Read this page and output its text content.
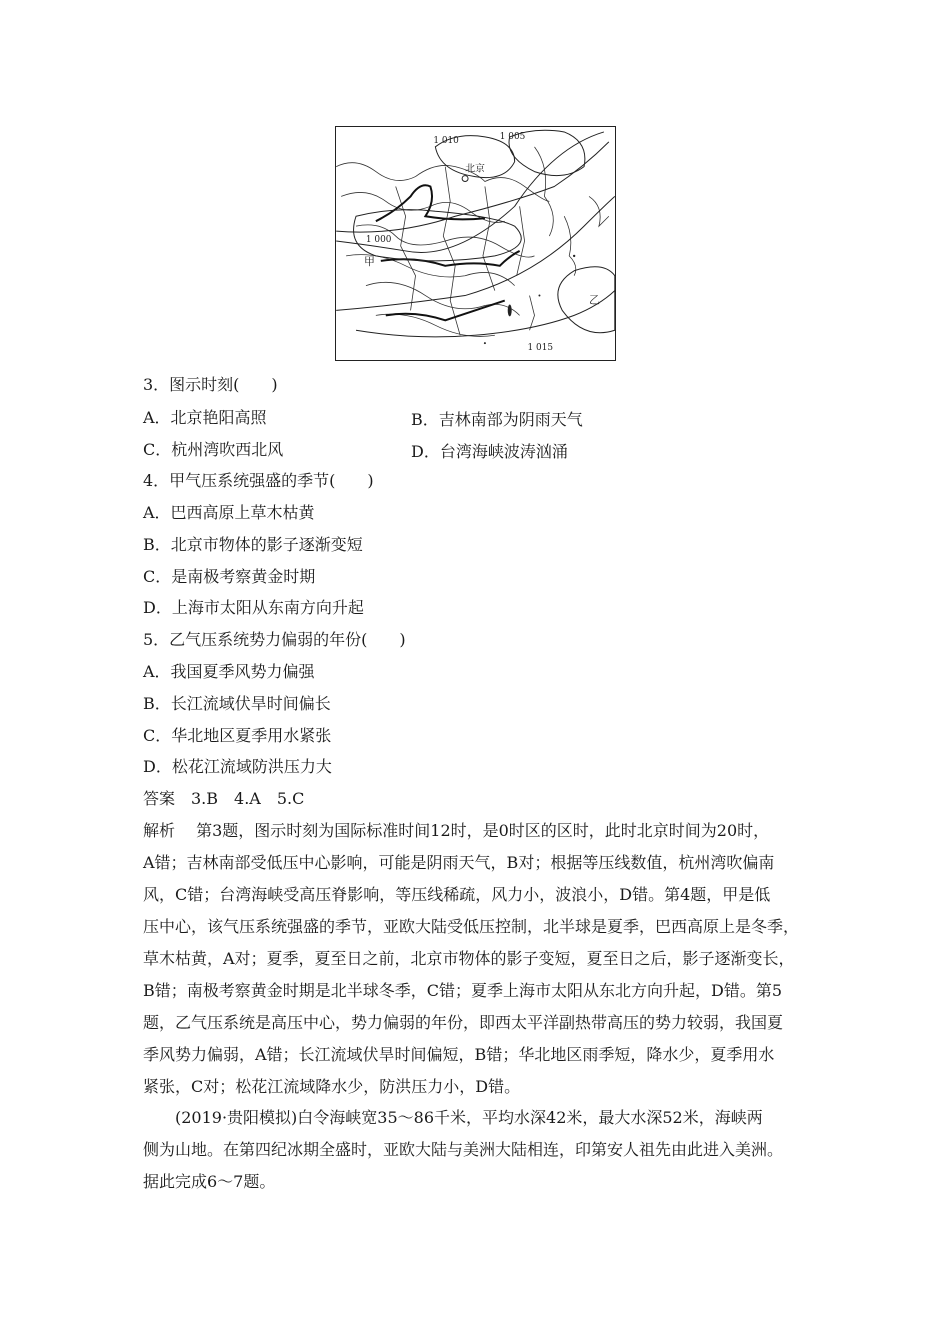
1 010	1 005
1 000
1 015
北京
甲
乙
3．图示时刻(　　)
A．北京艳阳高照	B．吉林南部为阴雨天气
C．杭州湾吹西北风	D．台湾海峡波涛汹涌
4．甲气压系统强盛的季节(　　)
A．巴西高原上草木枯黄
B．北京市物体的影子逐渐变短
C．是南极考察黄金时期
D．上海市太阳从东南方向升起
5．乙气压系统势力偏弱的年份(　　)
A．我国夏季风势力偏强
B．长江流域伏旱时间偏长
C．华北地区夏季用水紧张
D．松花江流域防洪压力大
答案　3.B　4.A　5.C
解析　 第3题，图示时刻为国际标准时间12时，是0时区的区时，此时北京时间为20时，
A错；吉林南部受低压中心影响，可能是阴雨天气，B对；根据等压线数值，杭州湾吹偏南
风，C错；台湾海峡受高压脊影响，等压线稀疏，风力小，波浪小，D错。第4题，甲是低
压中心，该气压系统强盛的季节，亚欧大陆受低压控制，北半球是夏季，巴西高原上是冬季，
草木枯黄，A对；夏季，夏至日之前，北京市物体的影子变短，夏至日之后，影子逐渐变长，
B错；南极考察黄金时期是北半球冬季，C错；夏季上海市太阳从东北方向升起，D错。第5
题，乙气压系统是高压中心，势力偏弱的年份，即西太平洋副热带高压的势力较弱，我国夏
季风势力偏弱，A错；长江流域伏旱时间偏短，B错；华北地区雨季短，降水少，夏季用水
紧张，C对；松花江流域降水少，防洪压力小，D错。
　　(2019·贵阳模拟)白令海峡宽35～86千米，平均水深42米，最大水深52米，海峡两
侧为山地。在第四纪冰期全盛时，亚欧大陆与美洲大陆相连，印第安人祖先由此进入美洲。
据此完成6～7题。
